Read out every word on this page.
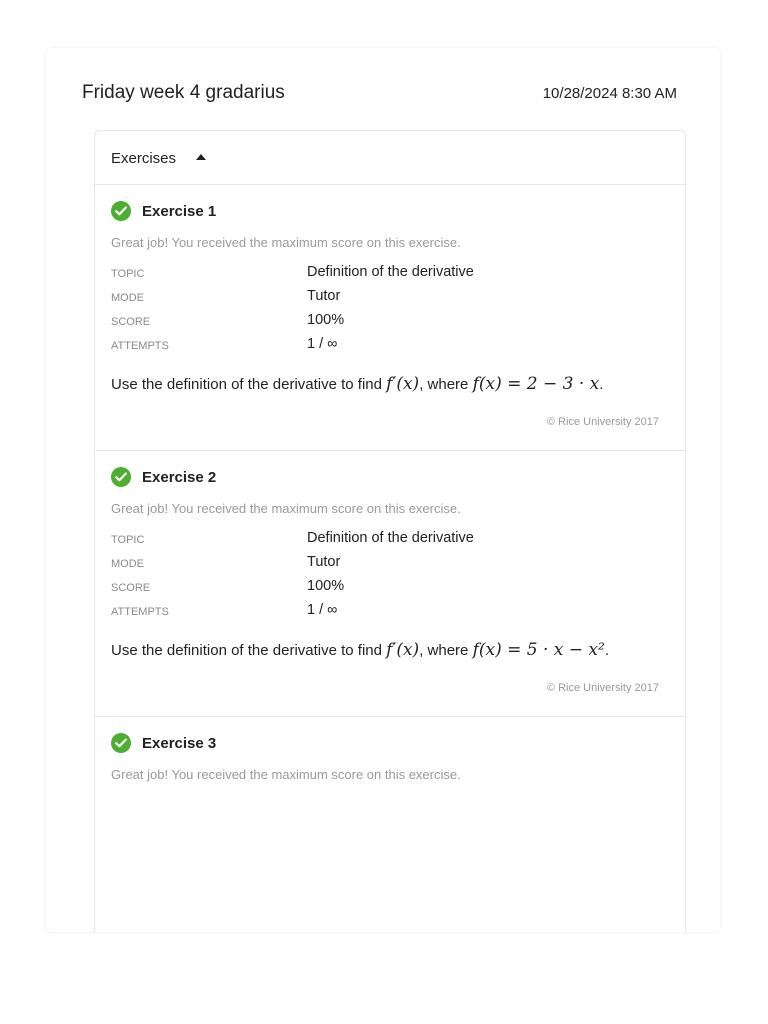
Friday week 4 gradarius	10/28/2024 8:30 AM
Exercises
Exercise 1
Great job! You received the maximum score on this exercise.
TOPIC	Definition of the derivative
MODE	Tutor
SCORE	100%
ATTEMPTS	1 / ∞
Use the definition of the derivative to find f′(x), where f(x) = 2 − 3 · x.
© Rice University 2017
Exercise 2
Great job! You received the maximum score on this exercise.
TOPIC	Definition of the derivative
MODE	Tutor
SCORE	100%
ATTEMPTS	1 / ∞
Use the definition of the derivative to find f′(x), where f(x) = 5 · x − x².
© Rice University 2017
Exercise 3
Great job! You received the maximum score on this exercise.
